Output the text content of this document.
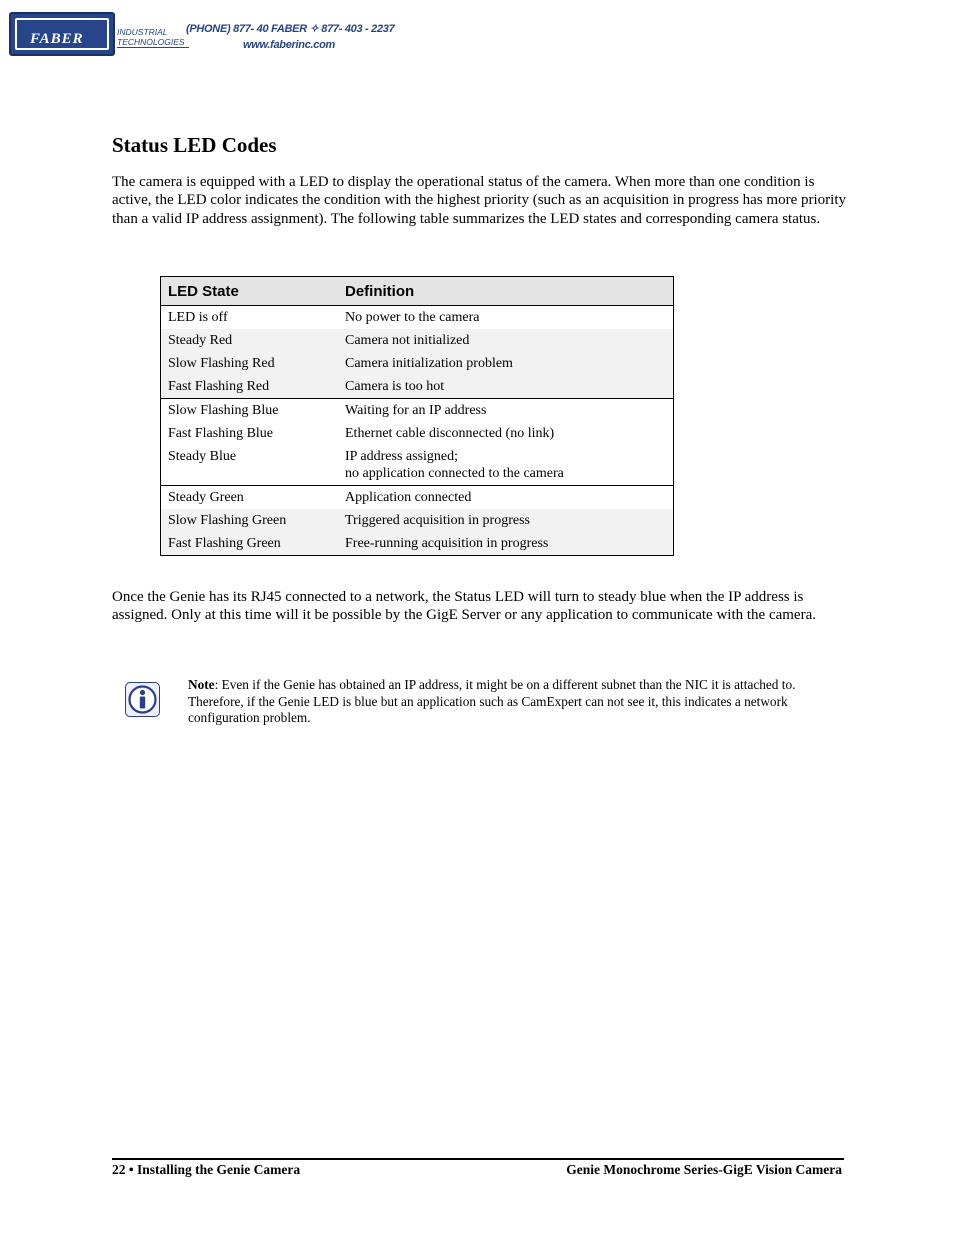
FABER	INDUSTRIAL
TECHNOLOGIES
(PHONE) 877- 40 FABER ✧ 877- 403 - 2237
www.faberinc.com
Status LED Codes

The camera is equipped with a LED to display the operational status of the camera. When more than one condition is active, the LED color indicates the condition with the highest priority (such as an acquisition in progress has more priority than a valid IP address assignment). The following table summarizes the LED states and corresponding camera status.

LED State	Definition
LED is off	No power to the camera
Steady Red	Camera not initialized
Slow Flashing Red	Camera initialization problem
Fast Flashing Red	Camera is too hot
Slow Flashing Blue	Waiting for an IP address
Fast Flashing Blue	Ethernet cable disconnected (no link)
Steady Blue	IP address assigned;
no application connected to the camera
Steady Green	Application connected
Slow Flashing Green	Triggered acquisition in progress
Fast Flashing Green	Free-running acquisition in progress

Once the Genie has its RJ45 connected to a network, the Status LED will turn to steady blue when the IP address is assigned. Only at this time will it be possible by the GigE Server or any application to communicate with the camera.

Note: Even if the Genie has obtained an IP address, it might be on a different subnet than the NIC it is attached to. Therefore, if the Genie LED is blue but an application such as CamExpert can not see it, this indicates a network configuration problem.

22 • Installing the Genie Camera	Genie Monochrome Series-GigE Vision Camera
